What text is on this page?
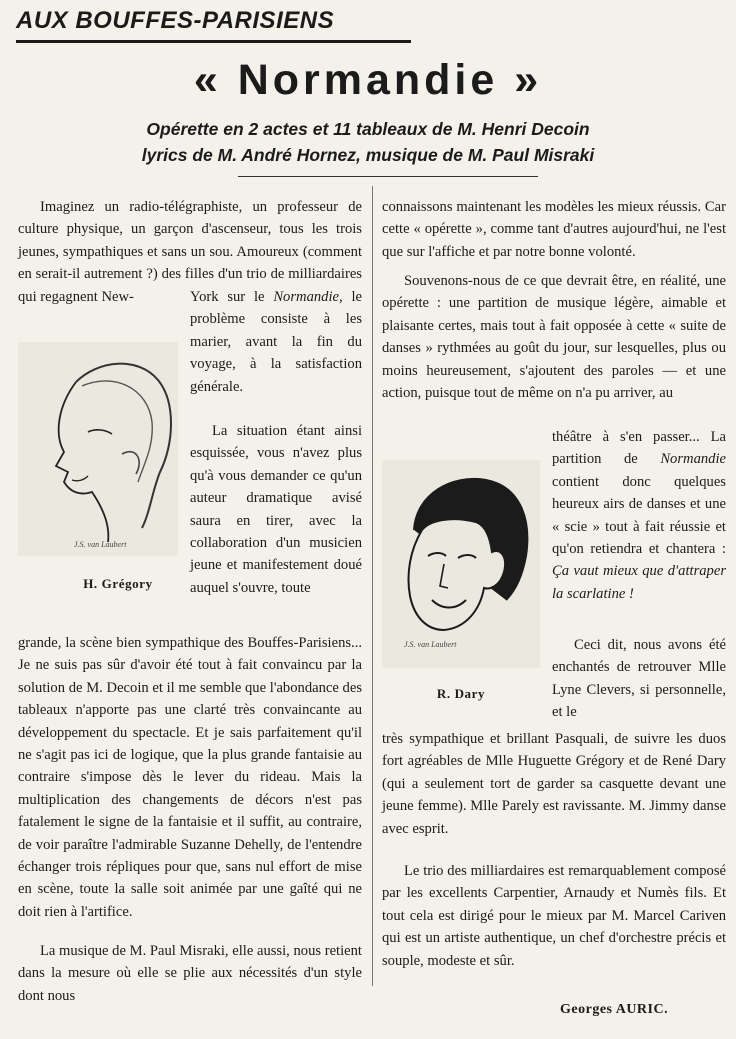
AUX BOUFFES-PARISIENS
« Normandie »
Opérette en 2 actes et 11 tableaux de M. Henri Decoin
lyrics de M. André Hornez, musique de M. Paul Misraki

Imaginez un radio-télégraphiste, un professeur de culture physique, un garçon d'ascenseur, tous les trois jeunes, sympathiques et sans un sou. Amoureux (comment en serait-il autrement ?) des filles d'un trio de milliardaires qui regagnent New-

J.S. van Laubert
H. Grégory

York sur le Normandie, le problème consiste à les marier, avant la fin du voyage, à la satisfaction générale.

La situation étant ainsi esquissée, vous n'avez plus qu'à vous demander ce qu'un auteur dramatique avisé saura en tirer, avec la collaboration d'un musicien jeune et manifestement doué auquel s'ouvre, toute

grande, la scène bien sympathique des Bouffes-Parisiens... Je ne suis pas sûr d'avoir été tout à fait convaincu par la solution de M. Decoin et il me semble que l'abondance des tableaux n'apporte pas une clarté très convaincante au développement du spectacle. Et je sais parfaitement qu'il ne s'agit pas ici de logique, que la plus grande fantaisie au contraire s'impose dès le lever du rideau. Mais la multiplication des changements de décors n'est pas fatalement le signe de la fantaisie et il suffit, au contraire, de voir paraître l'admirable Suzanne Dehelly, de l'entendre échanger trois répliques pour que, sans nul effort de mise en scène, toute la salle soit animée par une gaîté qui ne doit rien à l'artifice.

La musique de M. Paul Misraki, elle aussi, nous retient dans la mesure où elle se plie aux nécessités d'un style dont nous

connaissons maintenant les modèles les mieux réussis. Car cette « opérette », comme tant d'autres aujourd'hui, ne l'est que sur l'affiche et par notre bonne volonté.

Souvenons-nous de ce que devrait être, en réalité, une opérette : une partition de musique légère, aimable et plaisante certes, mais tout à fait opposée à cette « suite de danses » rythmées au goût du jour, sur lesquelles, plus ou moins heureusement, s'ajoutent des paroles — et une action, puisque tout de même on n'a pu arriver, au

J.S. van Laubert
R. Dary

théâtre à s'en passer... La partition de Normandie contient donc quelques heureux airs de danses et une « scie » tout à fait réussie et qu'on retiendra et chantera : Ça vaut mieux que d'attraper la scarlatine !

Ceci dit, nous avons été enchantés de retrouver Mlle Lyne Clevers, si personnelle, et le

très sympathique et brillant Pasquali, de suivre les duos fort agréables de Mlle Huguette Grégory et de René Dary (qui a seulement tort de garder sa casquette devant une jeune femme). Mlle Parely est ravissante. M. Jimmy danse avec esprit.

Le trio des milliardaires est remarquablement composé par les excellents Carpentier, Arnaudy et Numès fils. Et tout cela est dirigé pour le mieux par M. Marcel Cariven qui est un artiste authentique, un chef d'orchestre précis et souple, modeste et sûr.

Georges AURIC.
